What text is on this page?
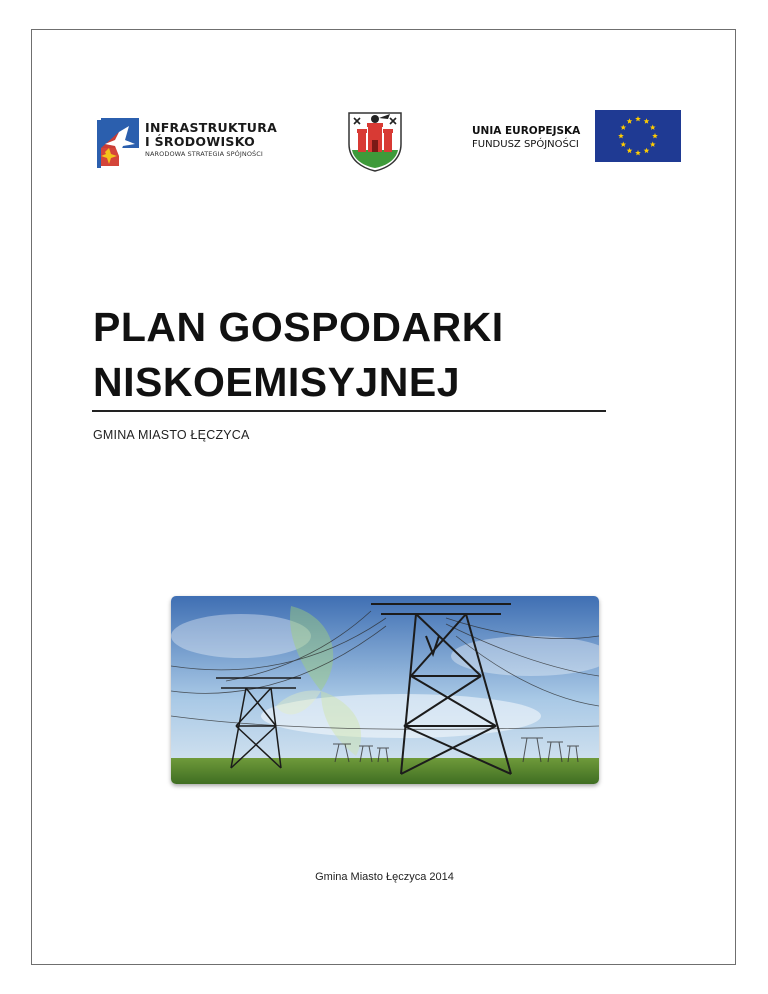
INFRASTRUKTURA
I ŚRODOWISKO
NARODOWA STRATEGIA SPÓJNOŚCI
UNIA EUROPEJSKA
FUNDUSZ SPÓJNOŚCI
PLAN GOSPODARKI
NISKOEMISYJNEJ
GMINA MIASTO ŁĘCZYCA
Gmina Miasto Łęczyca 2014
